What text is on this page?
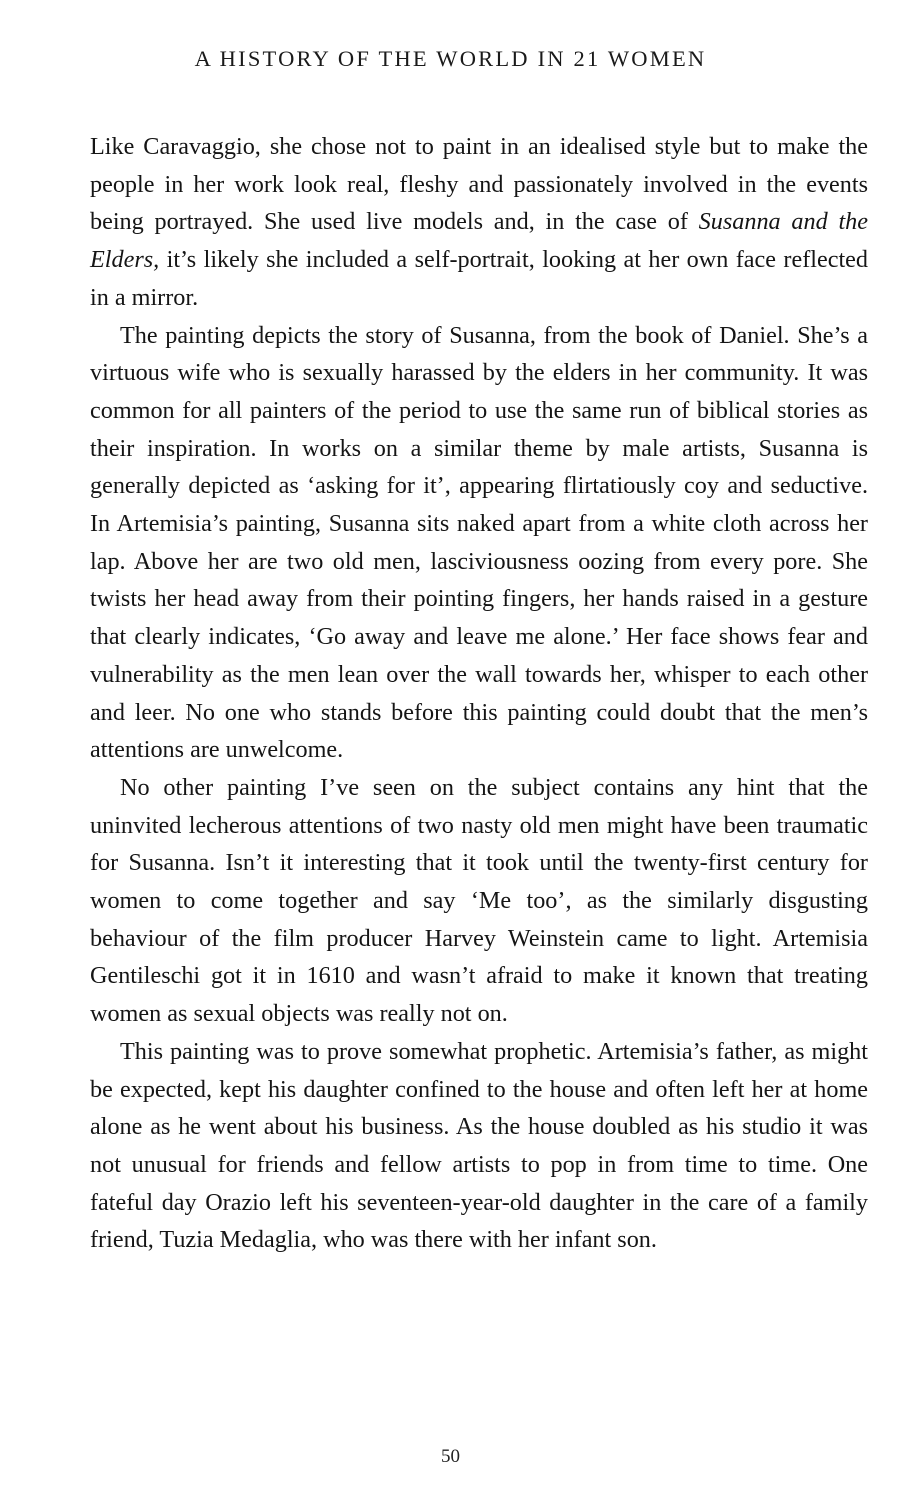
A HISTORY OF THE WORLD IN 21 WOMEN

Like Caravaggio, she chose not to paint in an idealised style but to make the people in her work look real, fleshy and passionately involved in the events being portrayed. She used live models and, in the case of Susanna and the Elders, it’s likely she included a self-portrait, looking at her own face reflected in a mirror.

The painting depicts the story of Susanna, from the book of Daniel. She’s a virtuous wife who is sexually harassed by the elders in her community. It was common for all painters of the period to use the same run of biblical stories as their inspiration. In works on a similar theme by male artists, Susanna is generally depicted as ‘asking for it’, appearing flirtatiously coy and seductive. In Artemisia’s painting, Susanna sits naked apart from a white cloth across her lap. Above her are two old men, lasciviousness oozing from every pore. She twists her head away from their pointing fingers, her hands raised in a gesture that clearly indicates, ‘Go away and leave me alone.’ Her face shows fear and vulnerability as the men lean over the wall towards her, whisper to each other and leer. No one who stands before this painting could doubt that the men’s attentions are unwelcome.

No other painting I’ve seen on the subject contains any hint that the uninvited lecherous attentions of two nasty old men might have been traumatic for Susanna. Isn’t it interesting that it took until the twenty-first century for women to come together and say ‘Me too’, as the similarly disgusting behaviour of the film producer Harvey Weinstein came to light. Artemisia Gentileschi got it in 1610 and wasn’t afraid to make it known that treating women as sexual objects was really not on.

This painting was to prove somewhat prophetic. Artemisia’s father, as might be expected, kept his daughter confined to the house and often left her at home alone as he went about his business. As the house doubled as his studio it was not unusual for friends and fellow artists to pop in from time to time. One fateful day Orazio left his seventeen-year-old daughter in the care of a family friend, Tuzia Medaglia, who was there with her infant son.

50
